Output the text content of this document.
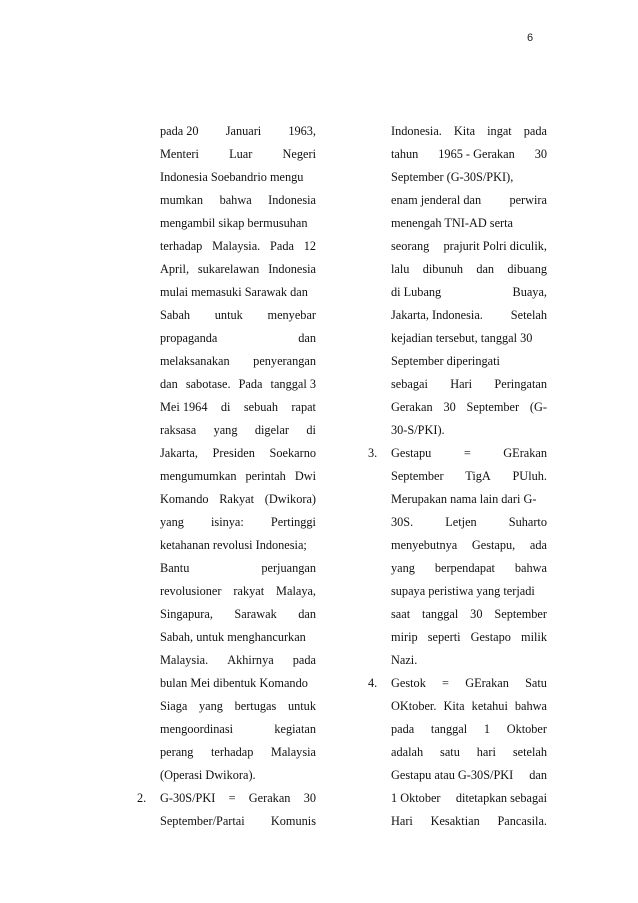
6
pada 20 Januari 1963,
Menteri Luar Negeri
Indonesia Soebandrio mengu
mumkan bahwa Indonesia
mengambil sikap bermusuhan
terhadap Malaysia. Pada 12
April, sukarelawan Indonesia
mulai memasuki Sarawak dan
Sabah untuk menyebar
propaganda	dan
melaksanakan penyerangan
dan sabotase. Pada tanggal 3
Mei 1964 di sebuah rapat
raksasa yang digelar di
Jakarta, Presiden Soekarno
mengumumkan perintah Dwi
Komando Rakyat (Dwikora)
yang isinya: Pertinggi
ketahanan revolusi Indonesia;
Bantu	perjuangan
revolusioner rakyat Malaya,
Singapura, Sarawak dan
Sabah, untuk menghancurkan
Malaysia. Akhirnya pada
bulan Mei dibentuk Komando
Siaga yang bertugas untuk
mengoordinasi	kegiatan
perang terhadap Malaysia
(Operasi Dwikora).
2. G-30S/PKI = Gerakan 30
September/Partai Komunis
Indonesia. Kita ingat pada
tahun 1965 - Gerakan 30
September (G-30S/PKI),
enam jenderal dan perwira
menengah TNI-AD serta
seorang prajurit Polri diculik,
lalu dibunuh dan dibuang
di Lubang	Buaya,
Jakarta, Indonesia. Setelah
kejadian tersebut, tanggal 30
September diperingati
sebagai Hari Peringatan
Gerakan 30 September (G-
30-S/PKI).
3. Gestapu	=	GErakan
September TigA PUluh.
Merupakan nama lain dari G-
30S.	Letjen	Suharto
menyebutnya Gestapu, ada
yang berpendapat bahwa
supaya peristiwa yang terjadi
saat tanggal 30 September
mirip seperti Gestapo milik
Nazi.
4. Gestok = GErakan Satu
OKtober. Kita ketahui bahwa
pada tanggal 1 Oktober
adalah satu hari setelah
Gestapu atau G-30S/PKI dan
1 Oktober ditetapkan sebagai
Hari Kesaktian Pancasila.
